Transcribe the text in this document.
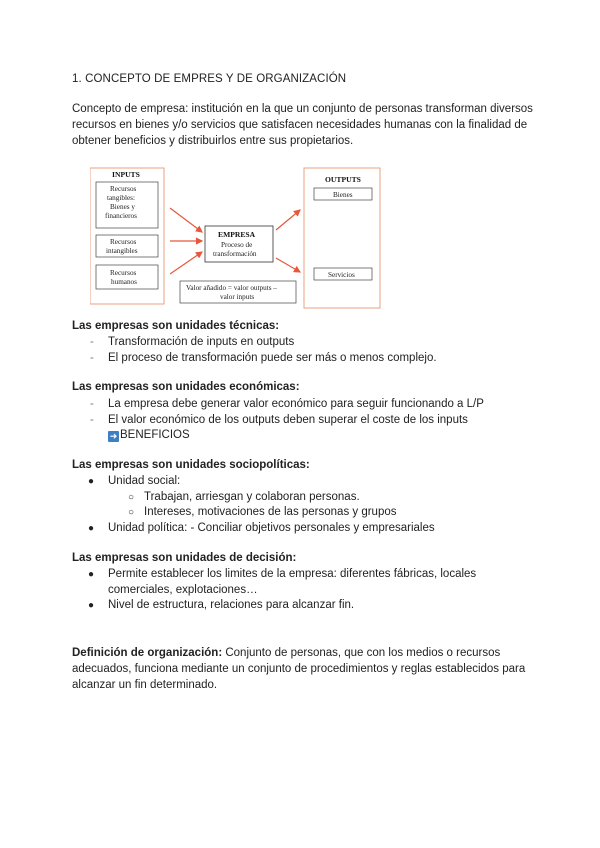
1. CONCEPTO DE EMPRES Y DE ORGANIZACIÓN
Concepto de empresa: institución en la que un conjunto de personas transforman diversos recursos en bienes y/o servicios que satisfacen necesidades humanas con la finalidad de obtener beneficios y distribuirlos entre sus propietarios.
INPUTS
Recursos
tangibles:
Bienes y
financieros
Recursos
intangibles
Recursos
humanos
EMPRESA
Proceso de
transformación
Valor añadido = valor outputs –
valor inputs
OUTPUTS
Bienes
Servicios
Las empresas son unidades técnicas:
- Transformación de inputs en outputs
- El proceso de transformación puede ser más o menos complejo.
Las empresas son unidades económicas:
- La empresa debe generar valor económico para seguir funcionando a L/P
- El valor económico de los outputs deben superar el coste de los inputs
➜ BENEFICIOS
Las empresas son unidades sociopolíticas:
● Unidad social:
○ Trabajan, arriesgan y colaboran personas.
○ Intereses, motivaciones de las personas y grupos
● Unidad política: - Conciliar objetivos personales y empresariales
Las empresas son unidades de decisión:
● Permite establecer los limites de la empresa: diferentes fábricas, locales comerciales, explotaciones…
● Nivel de estructura, relaciones para alcanzar fin.
Definición de organización: Conjunto de personas, que con los medios o recursos adecuados, funciona mediante un conjunto de procedimientos y reglas establecidos para alcanzar un fin determinado.
